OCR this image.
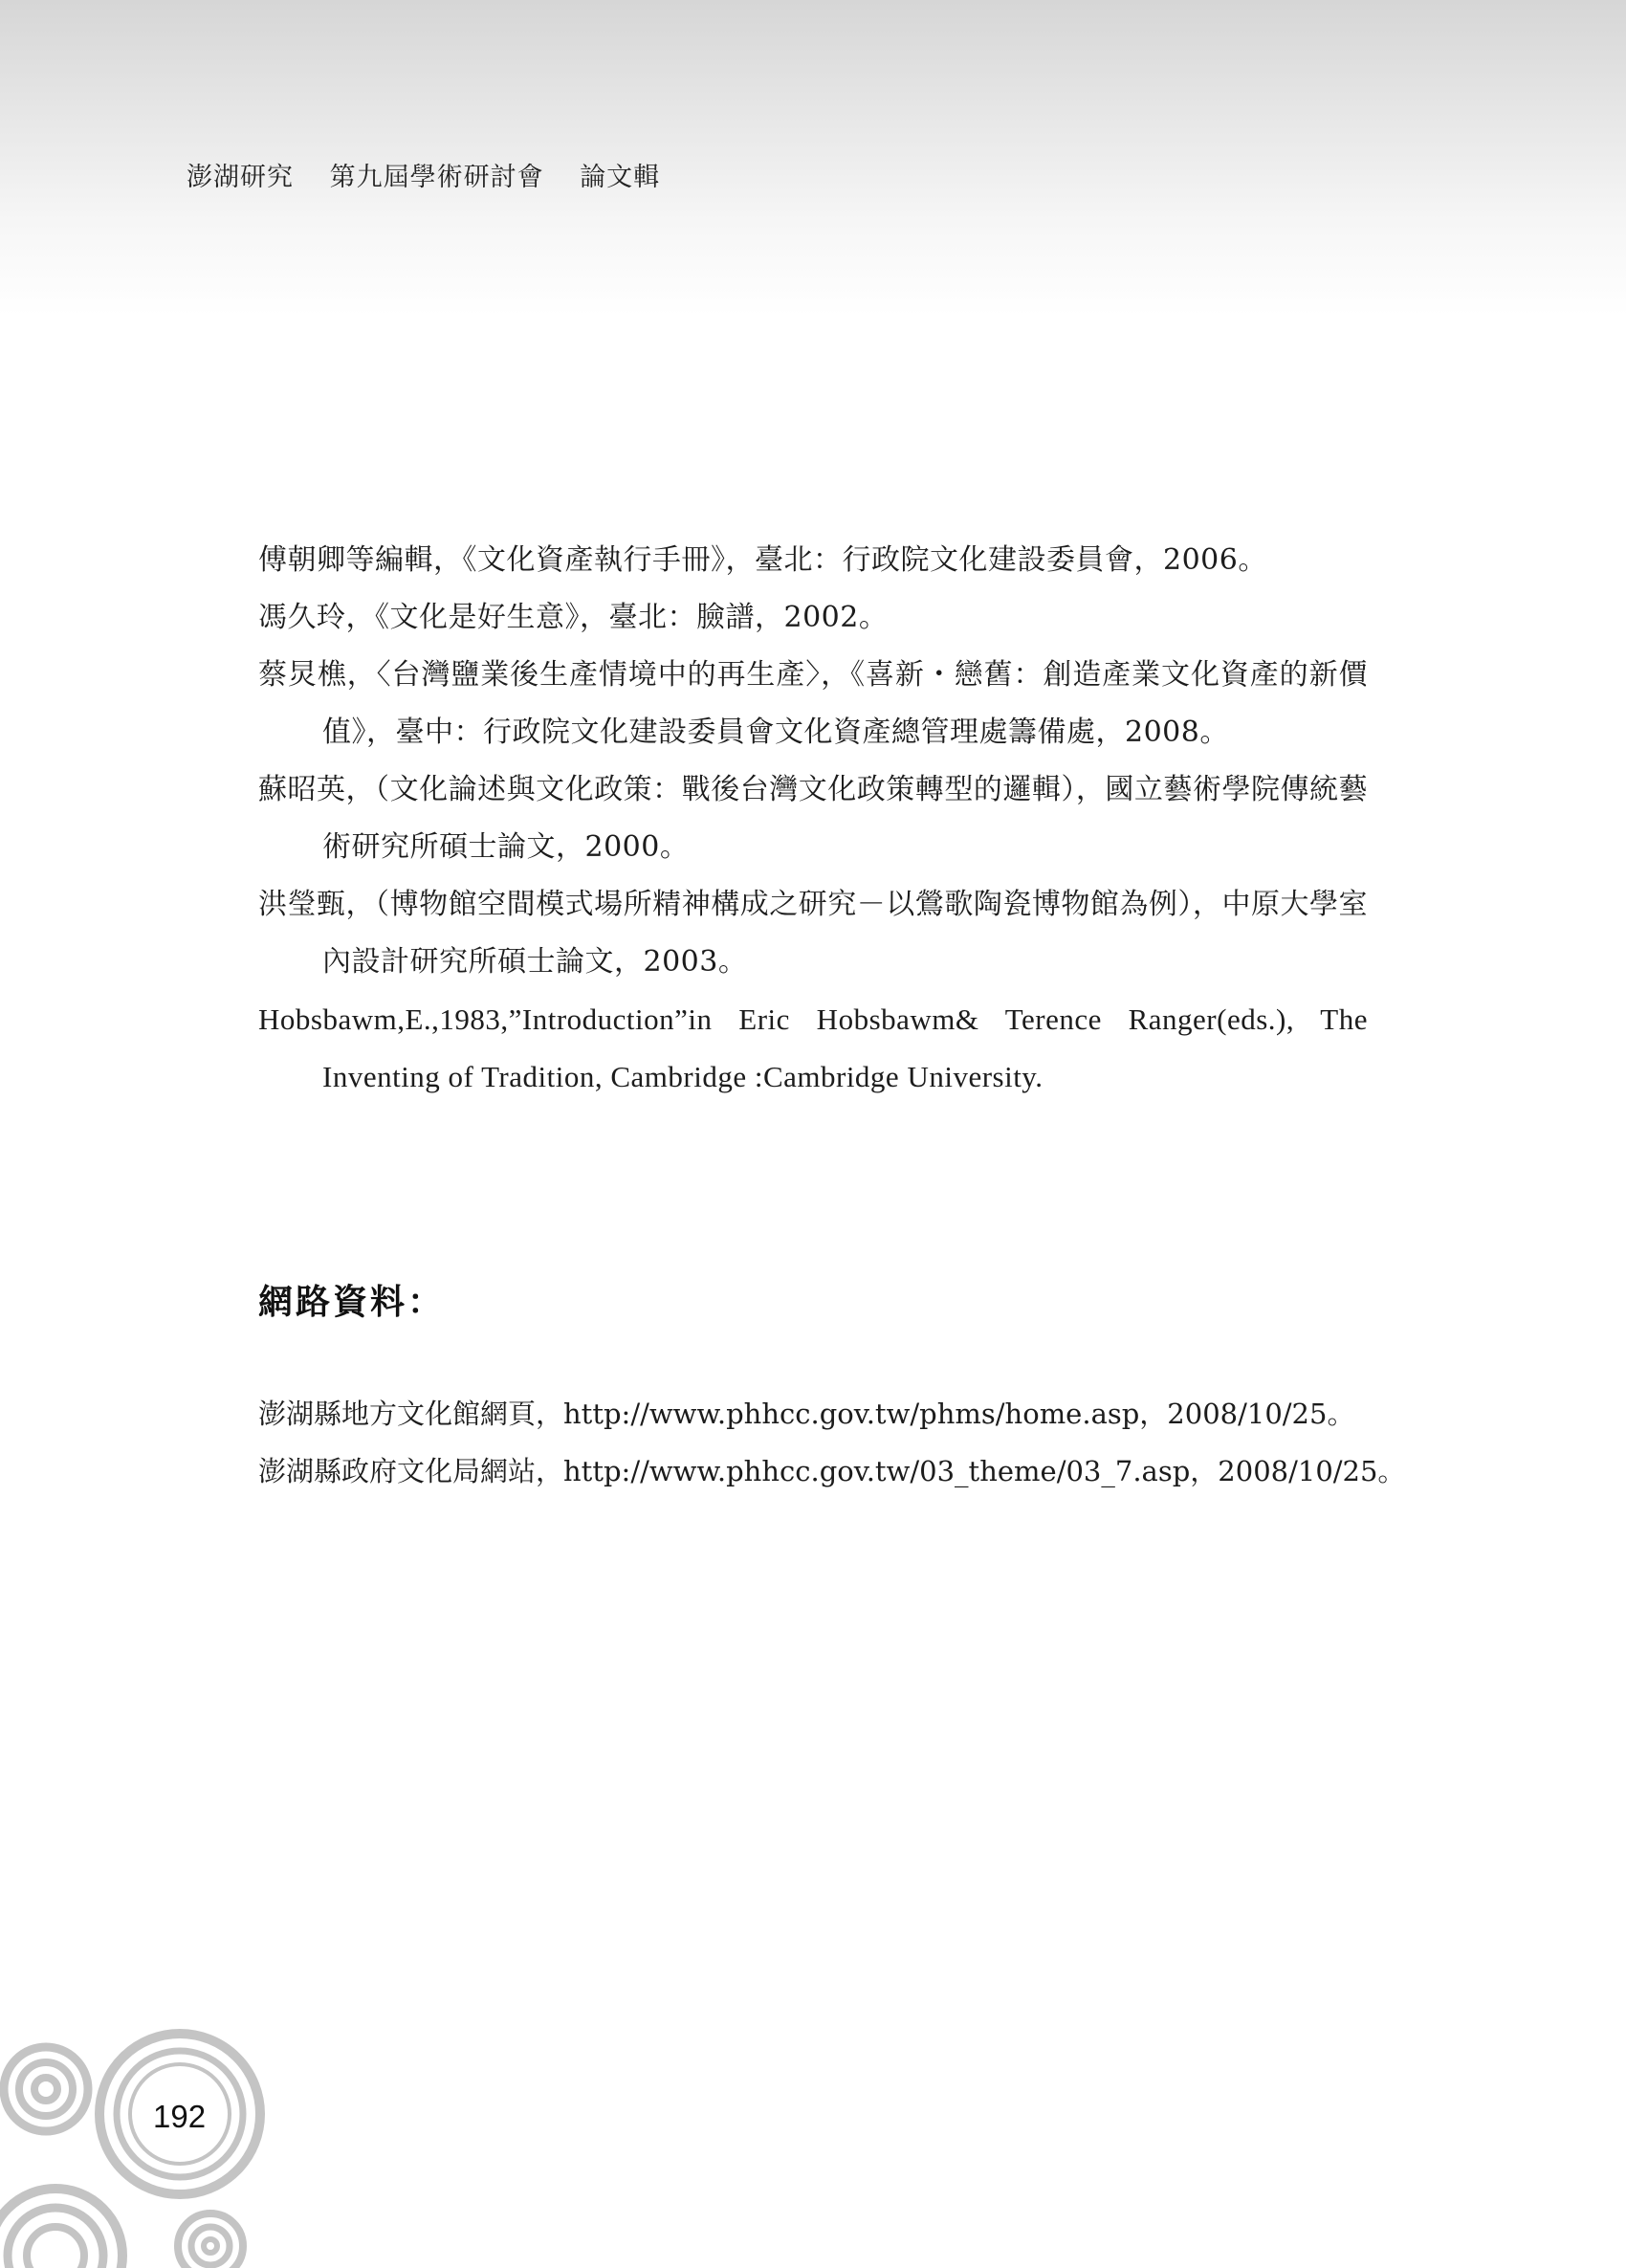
澎湖研究 第九屆學術研討會 論文輯
傅朝卿等編輯，《文化資產執行手冊》，臺北：行政院文化建設委員會，2006。
馮久玲，《文化是好生意》，臺北：臉譜，2002。
蔡炅樵，〈台灣鹽業後生產情境中的再生產〉，《喜新・戀舊：創造產業文化資產的新價值》，臺中：行政院文化建設委員會文化資產總管理處籌備處，2008。
蘇昭英，（文化論述與文化政策：戰後台灣文化政策轉型的邏輯），國立藝術學院傳統藝術研究所碩士論文，2000。
洪瑩甄，（博物館空間模式場所精神構成之研究－以鶯歌陶瓷博物館為例），中原大學室內設計研究所碩士論文，2003。
Hobsbawm,E.,1983,”Introduction”in Eric Hobsbawm& Terence Ranger(eds.), The Inventing of Tradition, Cambridge :Cambridge University.
網路資料：
澎湖縣地方文化館網頁，http://www.phhcc.gov.tw/phms/home.asp，2008/10/25。
澎湖縣政府文化局網站，http://www.phhcc.gov.tw/03_theme/03_7.asp，2008/10/25。
192
